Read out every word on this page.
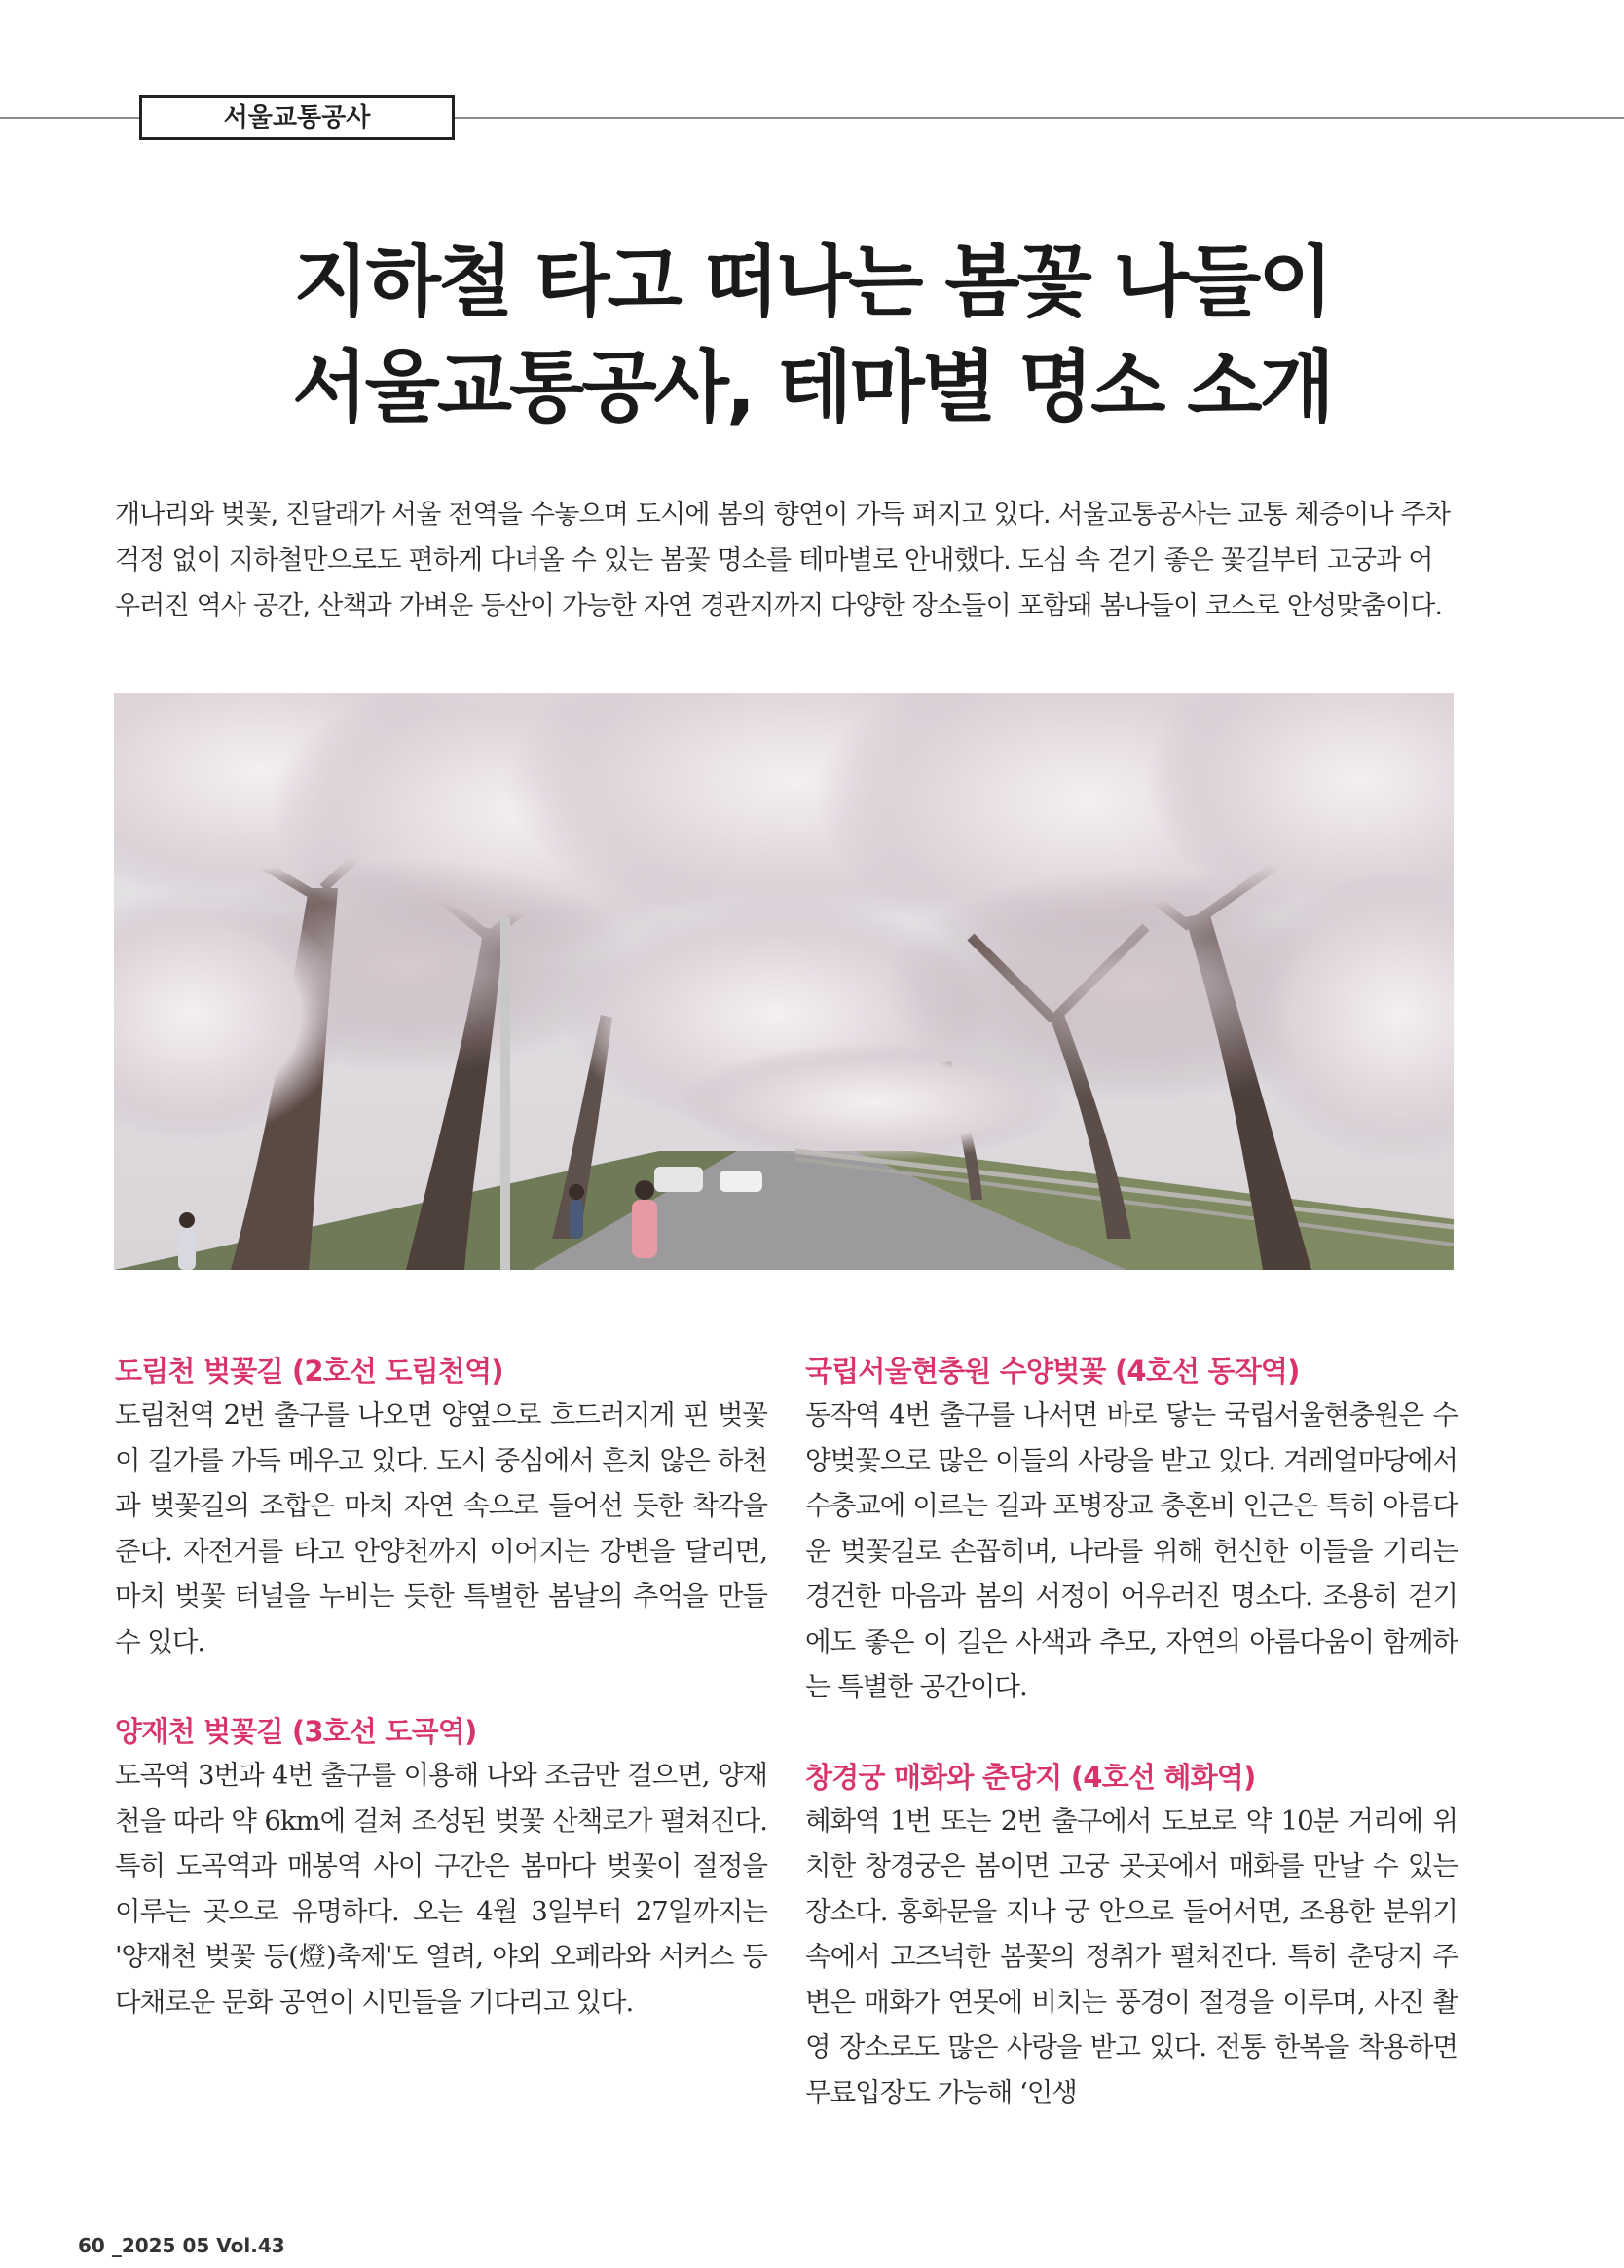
서울교통공사
지하철 타고 떠나는 봄꽃 나들이
서울교통공사, 테마별 명소 소개

개나리와 벚꽃, 진달래가 서울 전역을 수놓으며 도시에 봄의 향연이 가득 퍼지고 있다. 서울교통공사는 교통 체증이나 주차 걱정 없이 지하철만으로도 편하게 다녀올 수 있는 봄꽃 명소를 테마별로 안내했다. 도심 속 걷기 좋은 꽃길부터 고궁과 어우러진 역사 공간, 산책과 가벼운 등산이 가능한 자연 경관지까지 다양한 장소들이 포함돼 봄나들이 코스로 안성맞춤이다.

도림천 벚꽃길 (2호선 도림천역)

도림천역 2번 출구를 나오면 양옆으로 흐드러지게 핀 벚꽃이 길가를 가득 메우고 있다. 도시 중심에서 흔치 않은 하천과 벚꽃길의 조합은 마치 자연 속으로 들어선 듯한 착각을 준다. 자전거를 타고 안양천까지 이어지는 강변을 달리면, 마치 벚꽃 터널을 누비는 듯한 특별한 봄날의 추억을 만들 수 있다.

양재천 벚꽃길 (3호선 도곡역)

도곡역 3번과 4번 출구를 이용해 나와 조금만 걸으면, 양재천을 따라 약 6km에 걸쳐 조성된 벚꽃 산책로가 펼쳐진다. 특히 도곡역과 매봉역 사이 구간은 봄마다 벚꽃이 절정을 이루는 곳으로 유명하다. 오는 4월 3일부터 27일까지는 '양재천 벚꽃 등(燈)축제'도 열려, 야외 오페라와 서커스 등 다채로운 문화 공연이 시민들을 기다리고 있다.

국립서울현충원 수양벚꽃 (4호선 동작역)

동작역 4번 출구를 나서면 바로 닿는 국립서울현충원은 수양벚꽃으로 많은 이들의 사랑을 받고 있다. 겨레얼마당에서 수충교에 이르는 길과 포병장교 충혼비 인근은 특히 아름다운 벚꽃길로 손꼽히며, 나라를 위해 헌신한 이들을 기리는 경건한 마음과 봄의 서정이 어우러진 명소다. 조용히 걷기에도 좋은 이 길은 사색과 추모, 자연의 아름다움이 함께하는 특별한 공간이다.

창경궁 매화와 춘당지 (4호선 혜화역)

혜화역 1번 또는 2번 출구에서 도보로 약 10분 거리에 위치한 창경궁은 봄이면 고궁 곳곳에서 매화를 만날 수 있는 장소다. 홍화문을 지나 궁 안으로 들어서면, 조용한 분위기 속에서 고즈넉한 봄꽃의 정취가 펼쳐진다. 특히 춘당지 주변은 매화가 연못에 비치는 풍경이 절경을 이루며, 사진 촬영 장소로도 많은 사랑을 받고 있다. 전통 한복을 착용하면 무료입장도 가능해 ‘인생

60 _2025 05 Vol.43
